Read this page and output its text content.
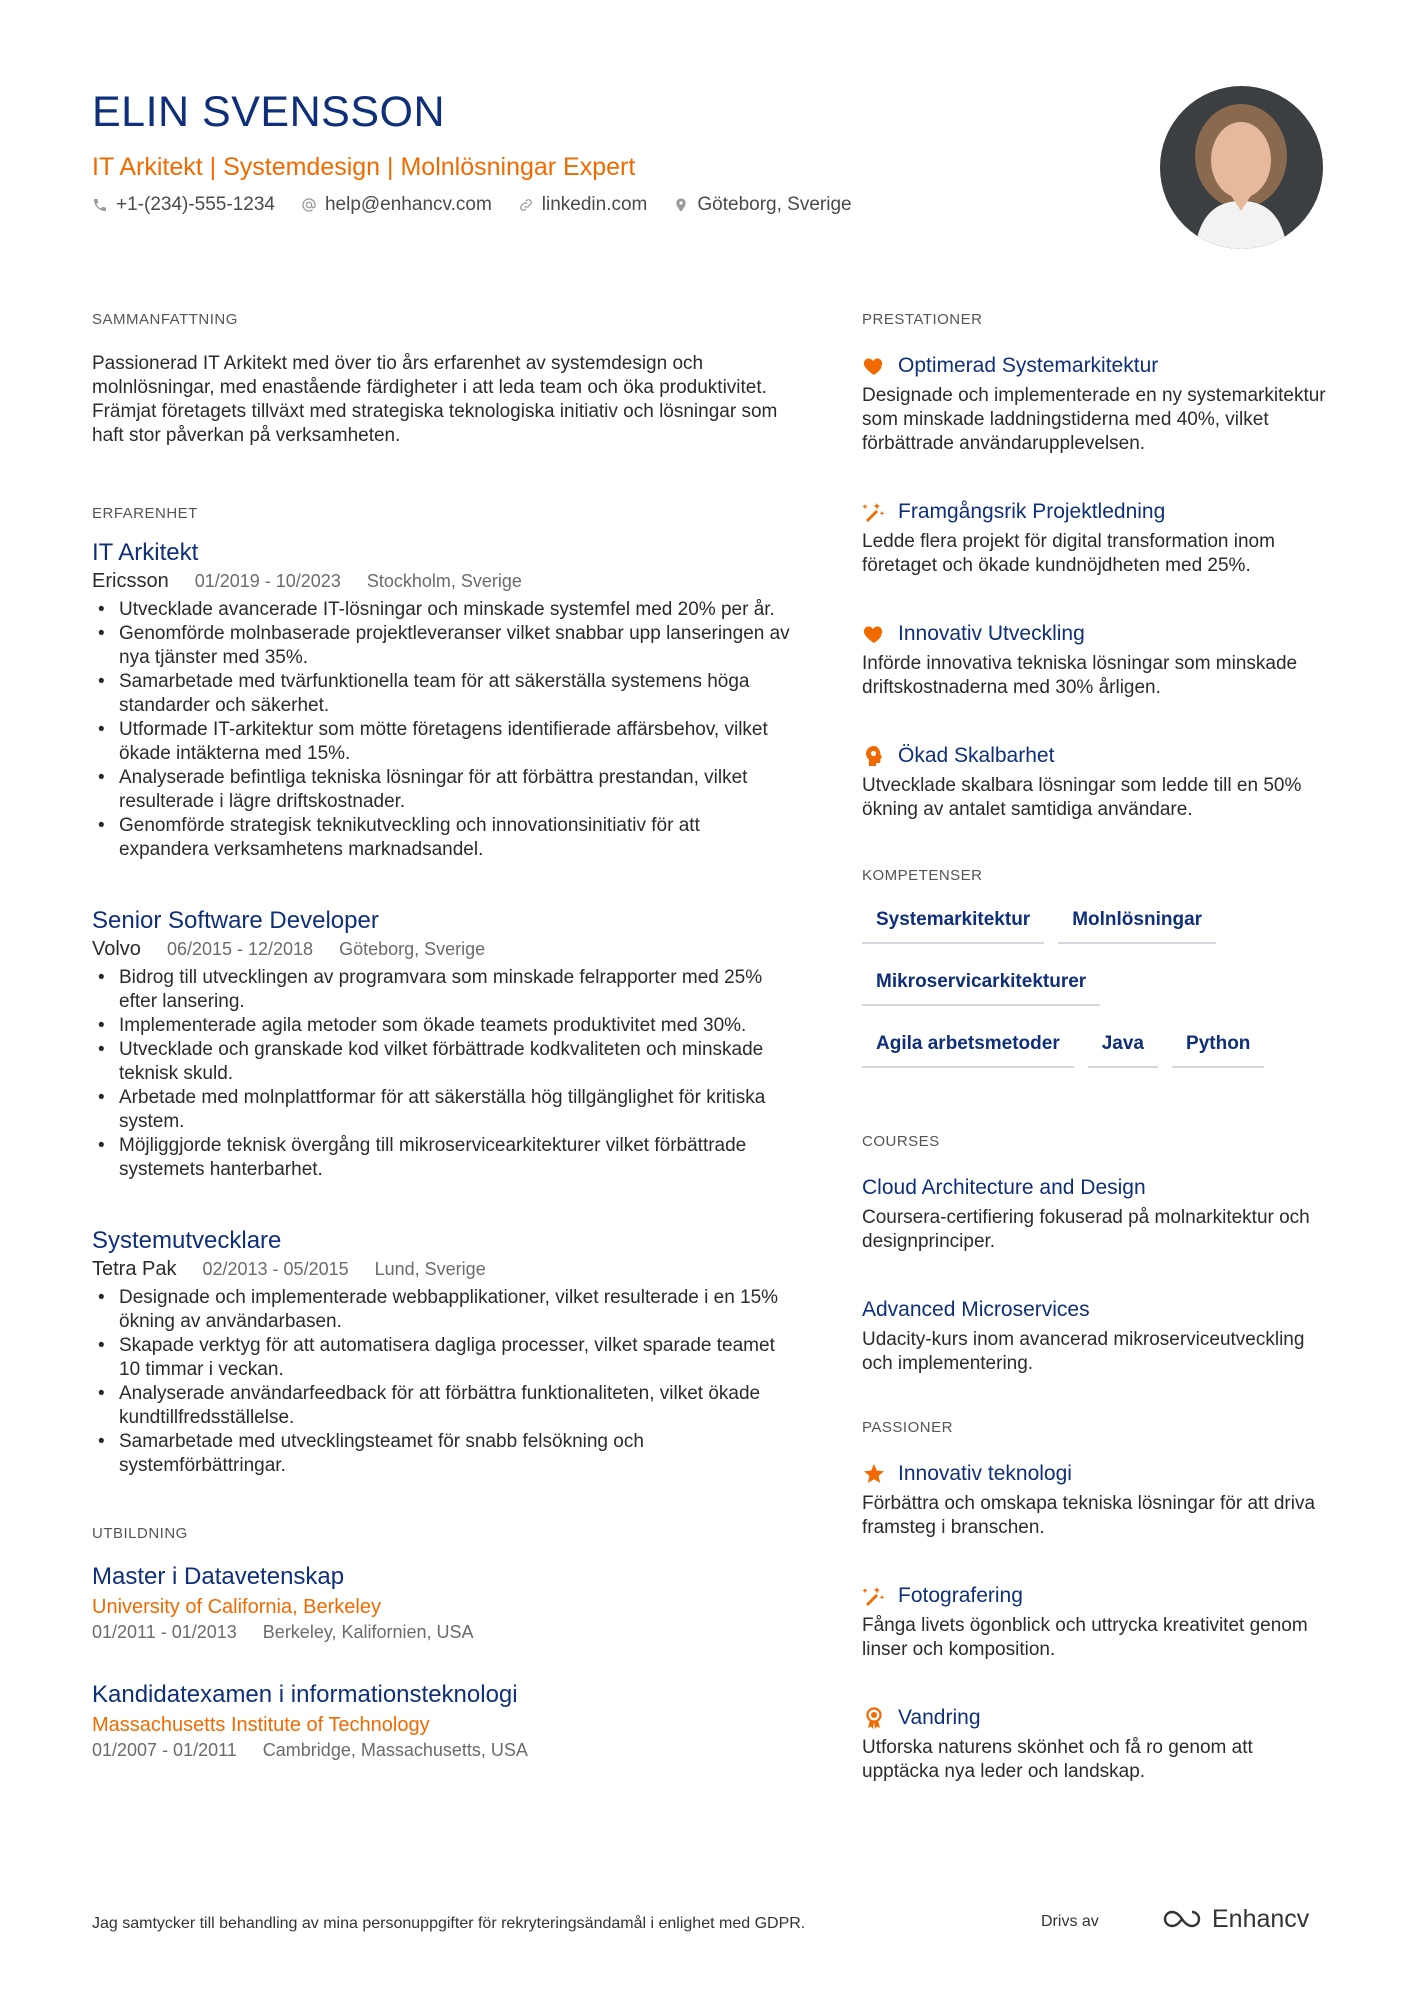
ELIN SVENSSON
IT Arkitekt | Systemdesign | Molnlösningar Expert
+1-(234)-555-1234	help@enhancv.com	linkedin.com	Göteborg, Sverige
SAMMANFATTNING
Passionerad IT Arkitekt med över tio års erfarenhet av systemdesign och molnlösningar, med enastående färdigheter i att leda team och öka produktivitet. Främjat företagets tillväxt med strategiska teknologiska initiativ och lösningar som haft stor påverkan på verksamheten.
ERFARENHET
IT Arkitekt
Ericsson 01/2019 - 10/2023 Stockholm, Sverige
• Utvecklade avancerade IT-lösningar och minskade systemfel med 20% per år.
• Genomförde molnbaserade projektleveranser vilket snabbar upp lanseringen av nya tjänster med 35%.
• Samarbetade med tvärfunktionella team för att säkerställa systemens höga standarder och säkerhet.
• Utformade IT-arkitektur som mötte företagens identifierade affärsbehov, vilket ökade intäkterna med 15%.
• Analyserade befintliga tekniska lösningar för att förbättra prestandan, vilket resulterade i lägre driftskostnader.
• Genomförde strategisk teknikutveckling och innovationsinitiativ för att expandera verksamhetens marknadsandel.
Senior Software Developer
Volvo 06/2015 - 12/2018 Göteborg, Sverige
• Bidrog till utvecklingen av programvara som minskade felrapporter med 25% efter lansering.
• Implementerade agila metoder som ökade teamets produktivitet med 30%.
• Utvecklade och granskade kod vilket förbättrade kodkvaliteten och minskade teknisk skuld.
• Arbetade med molnplattformar för att säkerställa hög tillgänglighet för kritiska system.
• Möjliggjorde teknisk övergång till mikroservicearkitekturer vilket förbättrade systemets hanterbarhet.
Systemutvecklare
Tetra Pak 02/2013 - 05/2015 Lund, Sverige
• Designade och implementerade webbapplikationer, vilket resulterade i en 15% ökning av användarbasen.
• Skapade verktyg för att automatisera dagliga processer, vilket sparade teamet 10 timmar i veckan.
• Analyserade användarfeedback för att förbättra funktionaliteten, vilket ökade kundtillfredsställelse.
• Samarbetade med utvecklingsteamet för snabb felsökning och systemförbättringar.
UTBILDNING
Master i Datavetenskap
University of California, Berkeley
01/2011 - 01/2013 Berkeley, Kalifornien, USA
Kandidatexamen i informationsteknologi
Massachusetts Institute of Technology
01/2007 - 01/2011 Cambridge, Massachusetts, USA
PRESTATIONER
Optimerad Systemarkitektur
Designade och implementerade en ny systemarkitektur som minskade laddningstiderna med 40%, vilket förbättrade användarupplevelsen.
Framgångsrik Projektledning
Ledde flera projekt för digital transformation inom företaget och ökade kundnöjdheten med 25%.
Innovativ Utveckling
Införde innovativa tekniska lösningar som minskade driftskostnaderna med 30% årligen.
Ökad Skalbarhet
Utvecklade skalbara lösningar som ledde till en 50% ökning av antalet samtidiga användare.
KOMPETENSER
Systemarkitektur	Molnlösningar
Mikroservicarkitekturer
Agila arbetsmetoder	Java	Python
COURSES
Cloud Architecture and Design
Coursera-certifiering fokuserad på molnarkitektur och designprinciper.
Advanced Microservices
Udacity-kurs inom avancerad mikroserviceutveckling och implementering.
PASSIONER
Innovativ teknologi
Förbättra och omskapa tekniska lösningar för att driva framsteg i branschen.
Fotografering
Fånga livets ögonblick och uttrycka kreativitet genom linser och komposition.
Vandring
Utforska naturens skönhet och få ro genom att upptäcka nya leder och landskap.
Jag samtycker till behandling av mina personuppgifter för rekryteringsändamål i enlighet med GDPR.	Drivs av	Enhancv
